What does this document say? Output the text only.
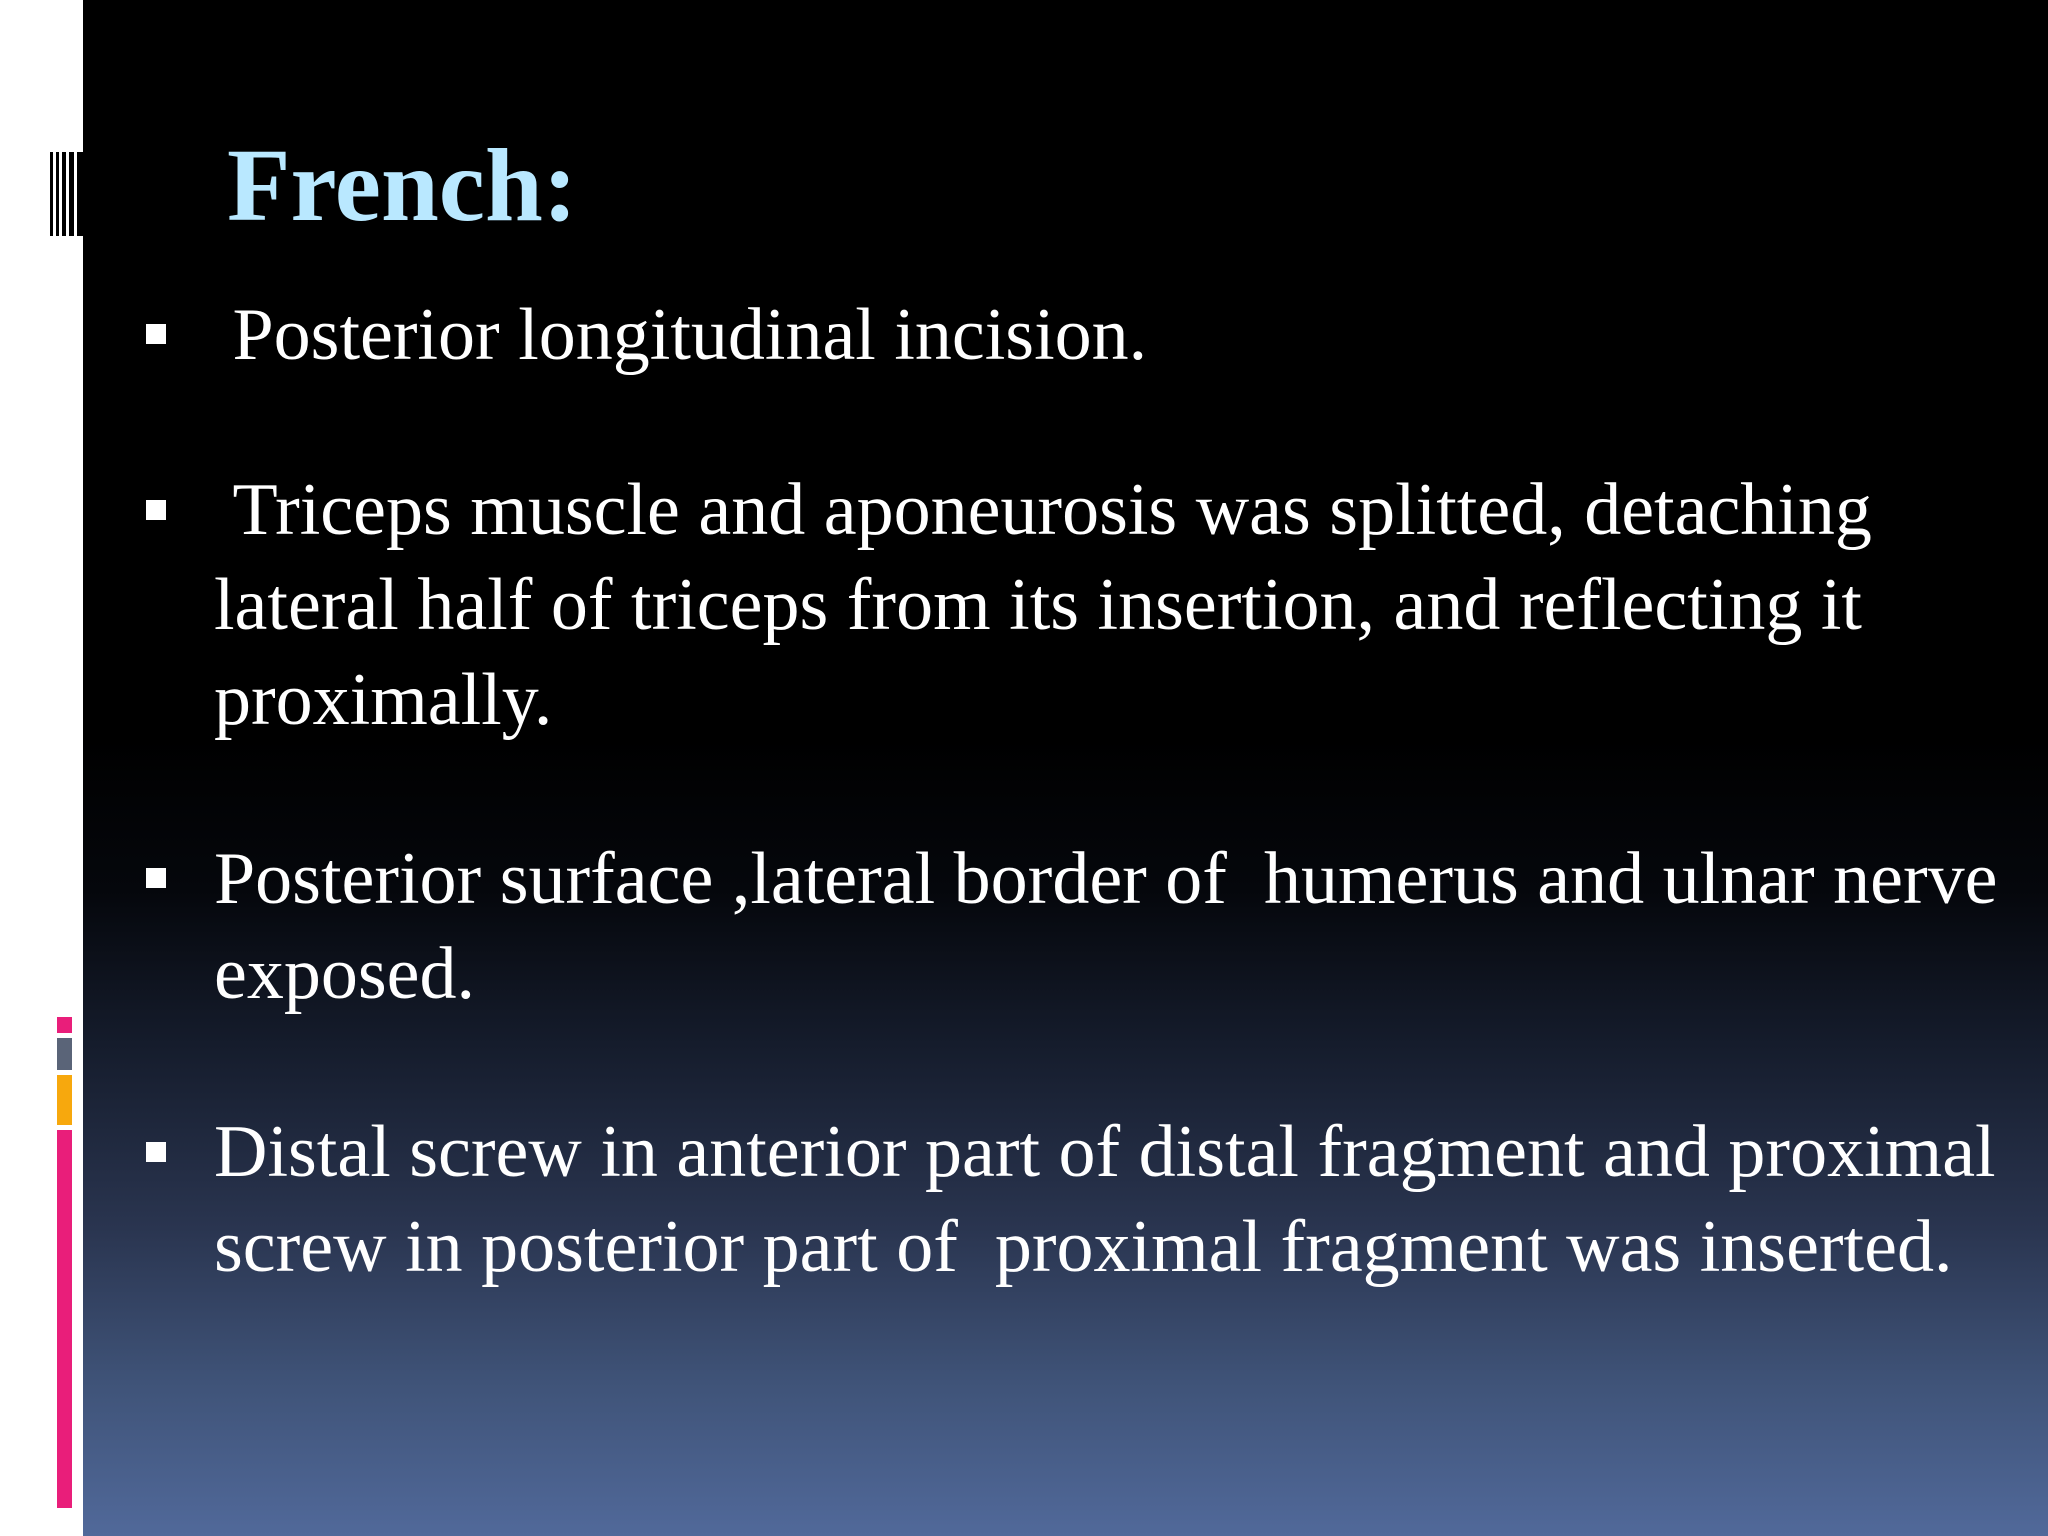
French:
Posterior longitudinal incision.
Triceps muscle and aponeurosis was splitted, detaching lateral half of triceps from its insertion, and reflecting it proximally.
Posterior surface ,lateral border of  humerus and ulnar nerve exposed.
Distal screw in anterior part of distal fragment and proximal screw in posterior part of  proximal fragment was inserted.
